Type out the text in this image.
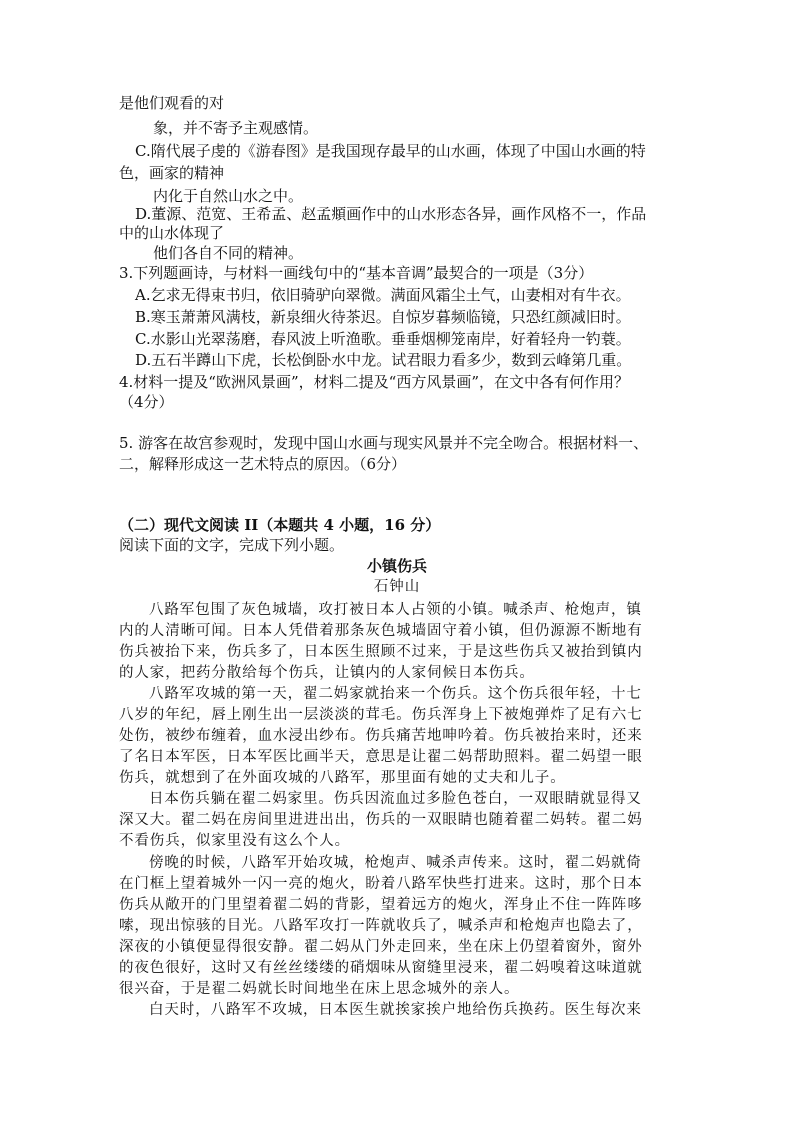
是他们观看的对

象，并不寄予主观感情。

C.隋代展子虔的《游春图》是我国现存最早的山水画，体现了中国山水画的特

色，画家的精神

内化于自然山水之中。

D.董源、范宽、王希孟、赵孟頫画作中的山水形态各异，画作风格不一，作品

中的山水体现了

他们各自不同的精神。

3.下列题画诗，与材料一画线句中的“基本音调”最契合的一项是（3分）

A.乞求无得束书归，依旧骑驴向翠微。满面风霜尘土气，山妻相对有牛衣。

B.寒玉萧萧风满枝，新泉细火待茶迟。自惊岁暮频临镜，只恐红颜减旧时。

C.水影山光翠荡磨，春风波上听渔歌。垂垂烟柳笼南岸，好着轻舟一钓蓑。

D.五石半蹲山下虎，长松倒卧水中龙。试君眼力看多少，数到云峰第几重。

4.材料一提及“欧洲风景画”，材料二提及“西方风景画”，在文中各有何作用？

（4分）

5. 游客在故宫参观时，发现中国山水画与现实风景并不完全吻合。根据材料一、

二，解释形成这一艺术特点的原因。（6分）

（二）现代文阅读 II（本题共 4 小题，16 分）

阅读下面的文字，完成下列小题。

小镇伤兵

石钟山

八路军包围了灰色城墙，攻打被日本人占领的小镇。喊杀声、枪炮声，镇

内的人清晰可闻。日本人凭借着那条灰色城墙固守着小镇，但仍源源不断地有

伤兵被抬下来，伤兵多了，日本医生照顾不过来，于是这些伤兵又被抬到镇内

的人家，把药分散给每个伤兵，让镇内的人家伺候日本伤兵。

八路军攻城的第一天，翟二妈家就抬来一个伤兵。这个伤兵很年轻，十七

八岁的年纪，唇上刚生出一层淡淡的茸毛。伤兵浑身上下被炮弹炸了足有六七

处伤，被纱布缠着，血水浸出纱布。伤兵痛苦地呻吟着。伤兵被抬来时，还来

了名日本军医，日本军医比画半天，意思是让翟二妈帮助照料。翟二妈望一眼

伤兵，就想到了在外面攻城的八路军，那里面有她的丈夫和儿子。

日本伤兵躺在翟二妈家里。伤兵因流血过多脸色苍白，一双眼睛就显得又

深又大。翟二妈在房间里进进出出，伤兵的一双眼睛也随着翟二妈转。翟二妈

不看伤兵，似家里没有这么个人。

傍晚的时候，八路军开始攻城，枪炮声、喊杀声传来。这时，翟二妈就倚

在门框上望着城外一闪一亮的炮火，盼着八路军快些打进来。这时，那个日本

伤兵从敞开的门里望着翟二妈的背影，望着远方的炮火，浑身止不住一阵阵哆

嗦，现出惊骇的目光。八路军攻打一阵就收兵了，喊杀声和枪炮声也隐去了，

深夜的小镇便显得很安静。翟二妈从门外走回来，坐在床上仍望着窗外，窗外

的夜色很好，这时又有丝丝缕缕的硝烟味从窗缝里浸来，翟二妈嗅着这味道就

很兴奋，于是翟二妈就长时间地坐在床上思念城外的亲人。

白天时，八路军不攻城，日本医生就挨家挨户地给伤兵换药。医生每次来
